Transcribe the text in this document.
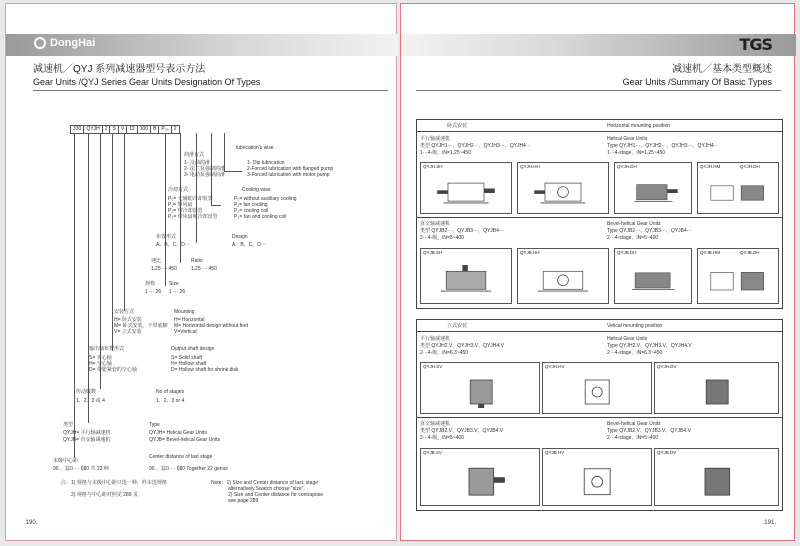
DongHai
减速机／QYJ 系列减速器型号表示方法
Gear Units /QYJ Series Gear Units Designation Of Types
330	QYJH	2	S	V	12	100	B	P₂₀	2
lubrication's wise
润滑方式
1- 浸油润滑
2- 法兰泵强制润滑
3- 电动泵强制润滑
1- Dip lubrication
2-Forced lubrication with flanged pump
3-Forced lubrication with motor pump
冷却方式	Cooling wise
P₀= 无辅助冷却装置
P₁= 带风扇
P₂= 带冷却盘管
P₃= 带风扇和冷却盘管
P₀= without auxiliary cooling
P₁= fan cooling
P₂= cooling coil
P₃= fan and cooling coil
布置形式	Design
A、B、C、D···	A、B、C、D···
速比	Ratio
1.25 ··· 450	1.25 ··· 450
规格	Size
1 ··· 26 1 ··· 26
安装方式	Mounting
H= 卧式安装
M= 卧式安装，不带底脚
V= 立式安装
H= Horizontal
M= Horizontal design without feet
V=Vertical
输出轴布置形式	Output shaft design
S= 实心轴
H= 空心轴
D= 带胀紧套的空心轴
S= Solid shaft
H= Hollow shaft
D= Hollow shaft for shrink disk
传动级数	No of stages
1、2、3 或 4	1、2、3 or 4
类型	Type
QYJH= 平行轴减速机
QYJB= 直交轴减速机
QYJH= Helical Gear Units
QYJB= Bevel-helical Gear Units
末级中心距
Center distance of last stage
90 、110 ··· 680 共 22 种	90 、110 ··· 680 Together 22 genus
注：1) 规格与末级中心距只选一种，样本选规格
2) 规格与中心距对照见 289 页
Note：1) Size and Center distance of last, stage
alternatively.Swatch choose "size".
2) Size and Center distance for contrapose
see page 289
.190.
TGS
减速机／基本类型概述
Gear Units /Summary Of Basic Types
卧式安装	Horizontal mounting position
平行轴减速机
类型 QYJH1···、QYJH2···、QYJH3···、QYJH4···
1···4-级，iN=1.25~450
Helical Gear Units
Type QYJH1···、QYJH2···、QYJH3···、QYJH4···
1···4-stage，iN=1.25~450
QYJH.SH	QYJH.HH	QYJH.DH	QYJH.HM	QYJH.DH
直交轴减速机
类型 QYJB2···、QYJB3···、QYJB4···
2···4-级，iN=5~400
Bevel-helical Gear Units
Type QYJB2···、QYJB3···、QYJB4···
2···4-stage，iN=5~400
QYJB.SH	QYJB.HH	QYJB.DH	QYJB.HM	QYJB.DH
立式安装	Vetical mounting position
平行轴减速机
类型 QYJH2.V、QYJH3.V、QYJH4.V
2···4-级，iN=6.3~450
Helical Gear Units
Type QYJH2.V、QYJH3.V、QYJH4.V
2···4-stage，iN=6.3~450
QYJH.SV	QYJH.HV	QYJH.DV
直交轴减速机
类型 QYJB2.V、QYJB3.V、QYJB4.V
2···4-级，iN=5~400
Bevel-helical Gear Units
Type QYJB2.V、QYJB3.V、QYJB4.V
2···4-stage，iN=5~400
QYJB.SV	QYJB.HV	QYJB.DV
.191.
